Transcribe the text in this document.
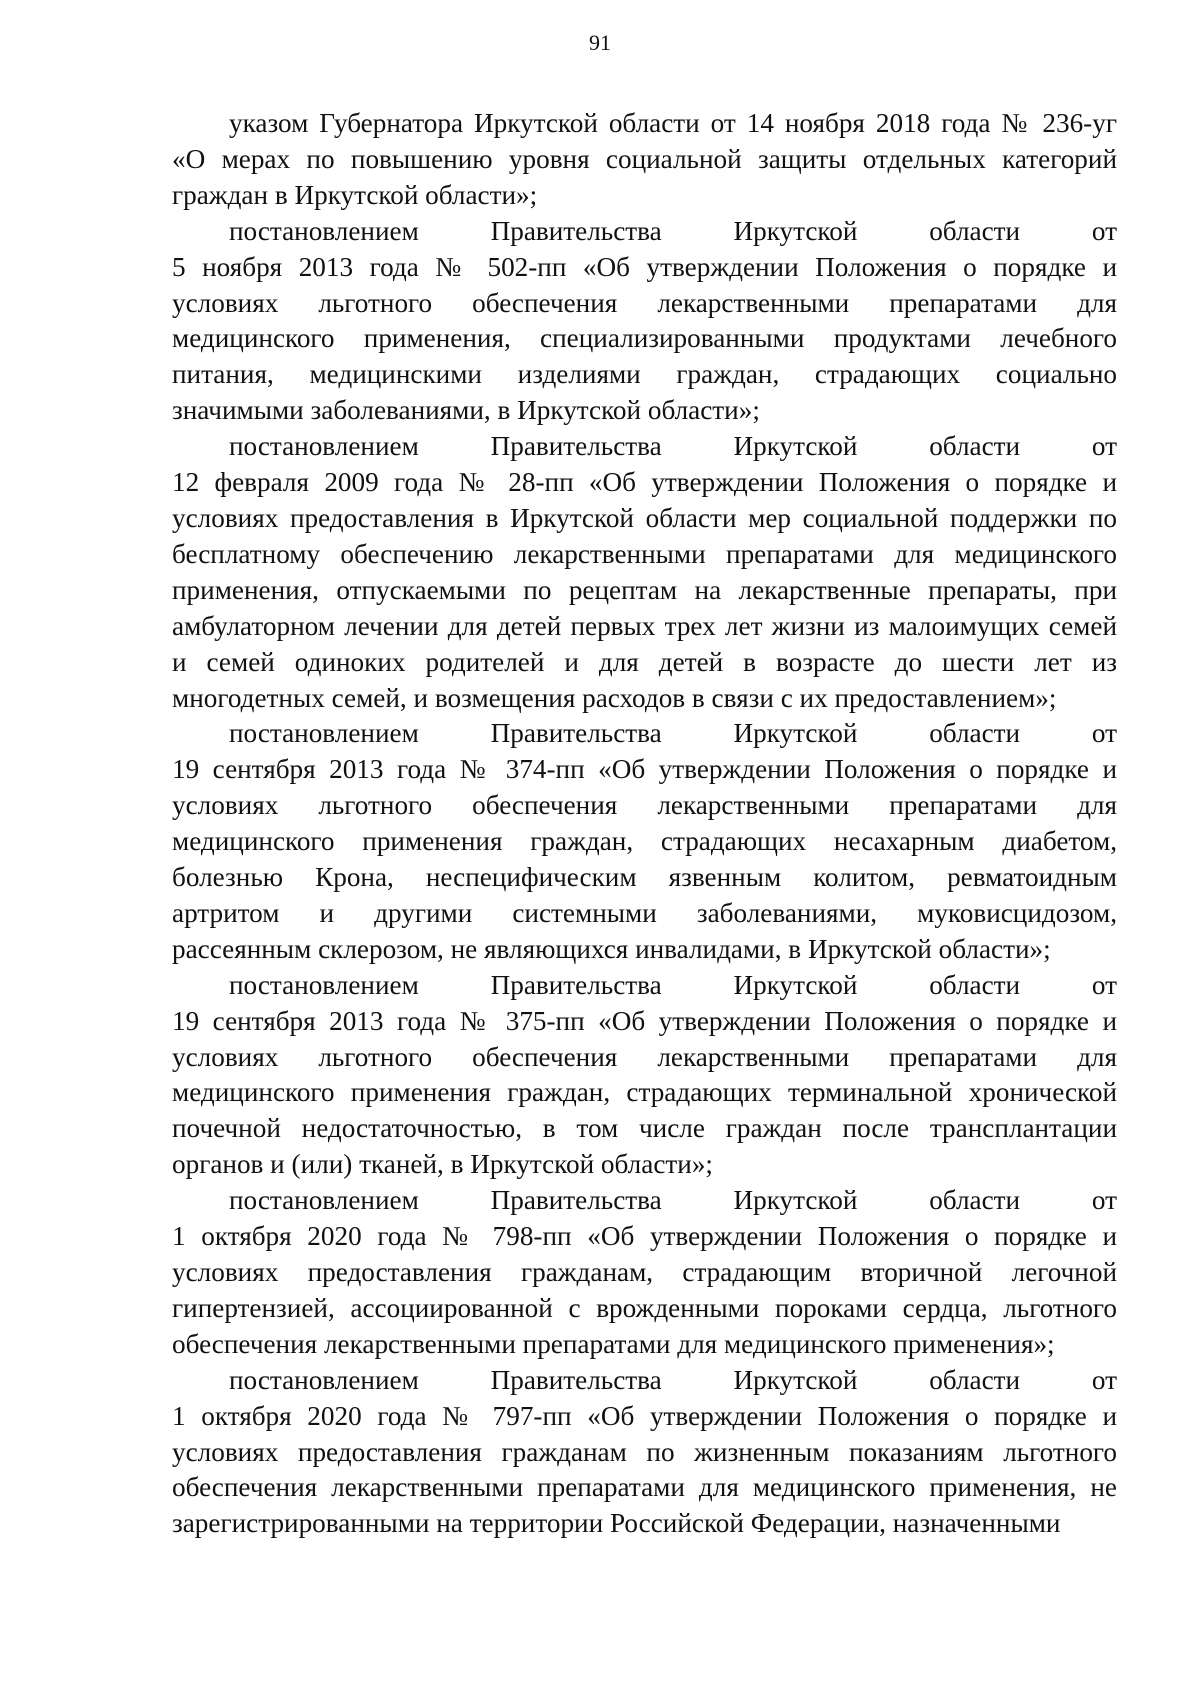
91

указом Губернатора Иркутской области от 14 ноября 2018 года № 236-уг
«О мерах по повышению уровня социальной защиты отдельных категорий
граждан в Иркутской области»;

постановлением Правительства Иркутской области от
5 ноября 2013 года № 502-пп «Об утверждении Положения о порядке и
условиях льготного обеспечения лекарственными препаратами для
медицинского применения, специализированными продуктами лечебного
питания, медицинскими изделиями граждан, страдающих социально
значимыми заболеваниями, в Иркутской области»;

постановлением Правительства Иркутской области от
12 февраля 2009 года № 28-пп «Об утверждении Положения о порядке и
условиях предоставления в Иркутской области мер социальной поддержки по
бесплатному обеспечению лекарственными препаратами для медицинского
применения, отпускаемыми по рецептам на лекарственные препараты, при
амбулаторном лечении для детей первых трех лет жизни из малоимущих семей
и семей одиноких родителей и для детей в возрасте до шести лет из
многодетных семей, и возмещения расходов в связи с их предоставлением»;

постановлением Правительства Иркутской области от
19 сентября 2013 года № 374-пп «Об утверждении Положения о порядке и
условиях льготного обеспечения лекарственными препаратами для
медицинского применения граждан, страдающих несахарным диабетом,
болезнью Крона, неспецифическим язвенным колитом, ревматоидным
артритом и другими системными заболеваниями, муковисцидозом,
рассеянным склерозом, не являющихся инвалидами, в Иркутской области»;

постановлением Правительства Иркутской области от
19 сентября 2013 года № 375-пп «Об утверждении Положения о порядке и
условиях льготного обеспечения лекарственными препаратами для
медицинского применения граждан, страдающих терминальной хронической
почечной недостаточностью, в том числе граждан после трансплантации
органов и (или) тканей, в Иркутской области»;

постановлением Правительства Иркутской области от
1 октября 2020 года № 798-пп «Об утверждении Положения о порядке и
условиях предоставления гражданам, страдающим вторичной легочной
гипертензией, ассоциированной с врожденными пороками сердца, льготного
обеспечения лекарственными препаратами для медицинского применения»;

постановлением Правительства Иркутской области от
1 октября 2020 года № 797-пп «Об утверждении Положения о порядке и
условиях предоставления гражданам по жизненным показаниям льготного
обеспечения лекарственными препаратами для медицинского применения, не
зарегистрированными на территории Российской Федерации, назначенными
